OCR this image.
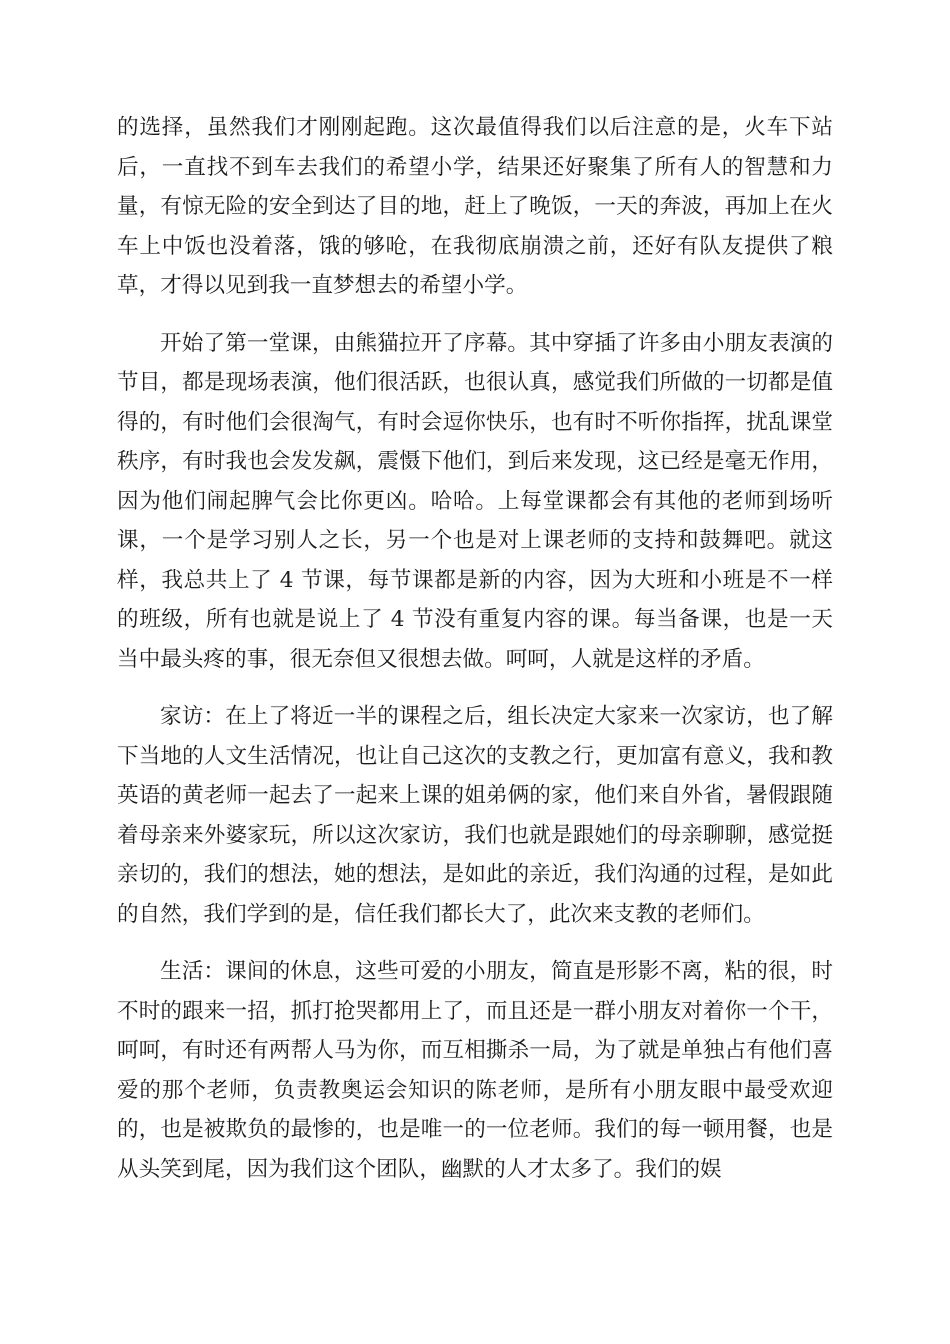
的选择，虽然我们才刚刚起跑。这次最值得我们以后注意的是，火车下站后，一直找不到车去我们的希望小学，结果还好聚集了所有人的智慧和力量，有惊无险的安全到达了目的地，赶上了晚饭，一天的奔波，再加上在火车上中饭也没着落，饿的够呛，在我彻底崩溃之前，还好有队友提供了粮草，才得以见到我一直梦想去的希望小学。

开始了第一堂课，由熊猫拉开了序幕。其中穿插了许多由小朋友表演的节目，都是现场表演，他们很活跃，也很认真，感觉我们所做的一切都是值得的，有时他们会很淘气，有时会逗你快乐，也有时不听你指挥，扰乱课堂秩序，有时我也会发发飙，震慑下他们，到后来发现，这已经是毫无作用，因为他们闹起脾气会比你更凶。哈哈。上每堂课都会有其他的老师到场听课，一个是学习别人之长，另一个也是对上课老师的支持和鼓舞吧。就这样，我总共上了 4 节课，每节课都是新的内容，因为大班和小班是不一样的班级，所有也就是说上了 4 节没有重复内容的课。每当备课，也是一天当中最头疼的事，很无奈但又很想去做。呵呵，人就是这样的矛盾。

家访：在上了将近一半的课程之后，组长决定大家来一次家访，也了解下当地的人文生活情况，也让自己这次的支教之行，更加富有意义，我和教英语的黄老师一起去了一起来上课的姐弟俩的家，他们来自外省，暑假跟随着母亲来外婆家玩，所以这次家访，我们也就是跟她们的母亲聊聊，感觉挺亲切的，我们的想法，她的想法，是如此的亲近，我们沟通的过程，是如此的自然，我们学到的是，信任我们都长大了，此次来支教的老师们。

生活：课间的休息，这些可爱的小朋友，简直是形影不离，粘的很，时不时的跟来一招，抓打抢哭都用上了，而且还是一群小朋友对着你一个干，呵呵，有时还有两帮人马为你，而互相撕杀一局，为了就是单独占有他们喜爱的那个老师，负责教奥运会知识的陈老师，是所有小朋友眼中最受欢迎的，也是被欺负的最惨的，也是唯一的一位老师。我们的每一顿用餐，也是从头笑到尾，因为我们这个团队，幽默的人才太多了。我们的娱
